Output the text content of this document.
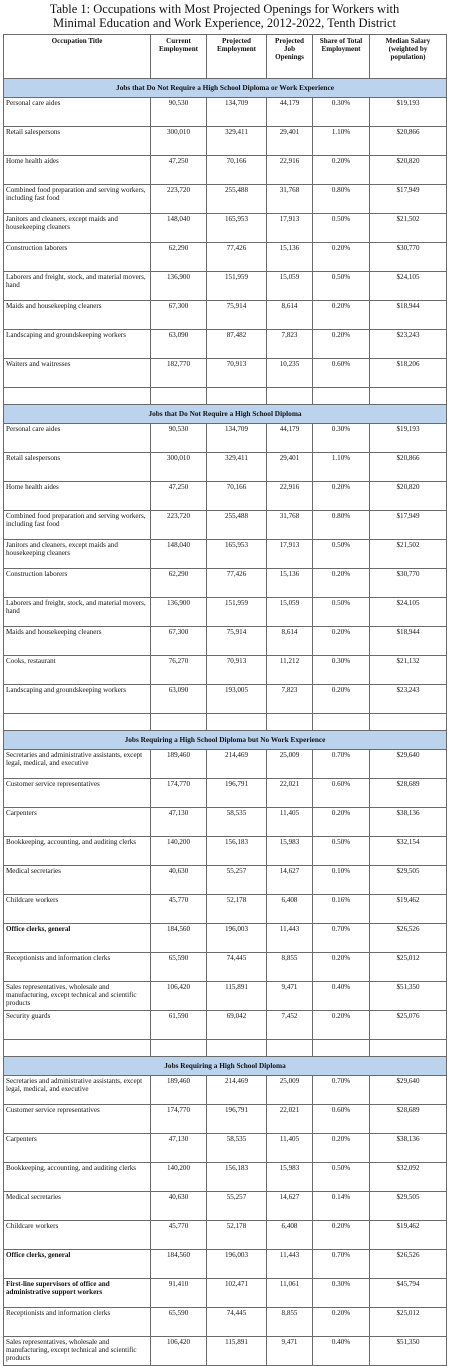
Table 1: Occupations with Most Projected Openings for Workers with
Minimal Education and Work Experience, 2012-2022, Tenth District
Occupation Title	Current Employment	Projected Employment	Projected Job Openings	Share of Total Employment	Median Salary (weighted by population)
Jobs that Do Not Require a High School Diploma or Work Experience					
Personal care aides	90,530	134,709	44,179	0.30%	$19,193
Retail salespersons	300,010	329,411	29,401	1.10%	$20,866
Home health aides	47,250	70,166	22,916	0.20%	$20,820
Combined food preparation and serving workers, including fast food	223,720	255,488	31,768	0.80%	$17,949
Janitors and cleaners, except maids and housekeeping cleaners	148,040	165,953	17,913	0.50%	$21,502
Construction laborers	62,290	77,426	15,136	0.20%	$30,770
Laborers and freight, stock, and material movers, hand	136,900	151,959	15,059	0.50%	$24,105
Maids and housekeeping cleaners	67,300	75,914	8,614	0.20%	$18,944
Landscaping and groundskeeping workers	63,090	87,482	7,823	0.20%	$23,243
Waiters and waitresses	182,770	70,913	10,235	0.60%	$18,206

Jobs that Do Not Require a High School Diploma					
Personal care aides	90,530	134,709	44,179	0.30%	$19,193
Retail salespersons	300,010	329,411	29,401	1.10%	$20,866
Home health aides	47,250	70,166	22,916	0.20%	$20,820
Combined food preparation and serving workers, including fast food	223,720	255,488	31,768	0.80%	$17,949
Janitors and cleaners, except maids and housekeeping cleaners	148,040	165,953	17,913	0.50%	$21,502
Construction laborers	62,290	77,426	15,136	0.20%	$30,770
Laborers and freight, stock, and material movers, hand	136,900	151,959	15,059	0.50%	$24,105
Maids and housekeeping cleaners	67,300	75,914	8,614	0.20%	$18,944
Cooks, restaurant	76,270	70,913	11,212	0.30%	$21,132
Landscaping and groundskeeping workers	63,090	193,005	7,823	0.20%	$23,243

Jobs Requiring a High School Diploma but No Work Experience					
Secretaries and administrative assistants, except legal, medical, and executive	189,460	214,469	25,009	0.70%	$29,640
Customer service representatives	174,770	196,791	22,021	0.60%	$28,689
Carpenters	47,130	58,535	11,405	0.20%	$38,136
Bookkeeping, accounting, and auditing clerks	140,200	156,183	15,983	0.50%	$32,154
Medical secretaries	40,630	55,257	14,627	0.10%	$29,505
Childcare workers	45,770	52,178	6,408	0.16%	$19,462
Office clerks, general	184,560	196,003	11,443	0.70%	$26,526
Receptionists and information clerks	65,590	74,445	8,855	0.20%	$25,012
Sales representatives, wholesale and manufacturing, except technical and scientific products	106,420	115,891	9,471	0.40%	$51,350
Security guards	61,590	69,042	7,452	0.20%	$25,076

Jobs Requiring a High School Diploma					
Secretaries and administrative assistants, except legal, medical, and executive	189,460	214,469	25,009	0.70%	$29,640
Customer service representatives	174,770	196,791	22,021	0.60%	$28,689
Carpenters	47,130	58,535	11,405	0.20%	$38,136
Bookkeeping, accounting, and auditing clerks	140,200	156,183	15,983	0.50%	$32,092
Medical secretaries	40,630	55,257	14,627	0.14%	$29,505
Childcare workers	45,770	52,178	6,408	0.20%	$19,462
Office clerks, general	184,560	196,003	11,443	0.70%	$26,526
First-line supervisors of office and administrative support workers	91,410	102,471	11,061	0.30%	$45,794
Receptionists and information clerks	65,590	74,445	8,855	0.20%	$25,012
Sales representatives, wholesale and manufacturing, except technical and scientific products	106,420	115,891	9,471	0.40%	$51,350
